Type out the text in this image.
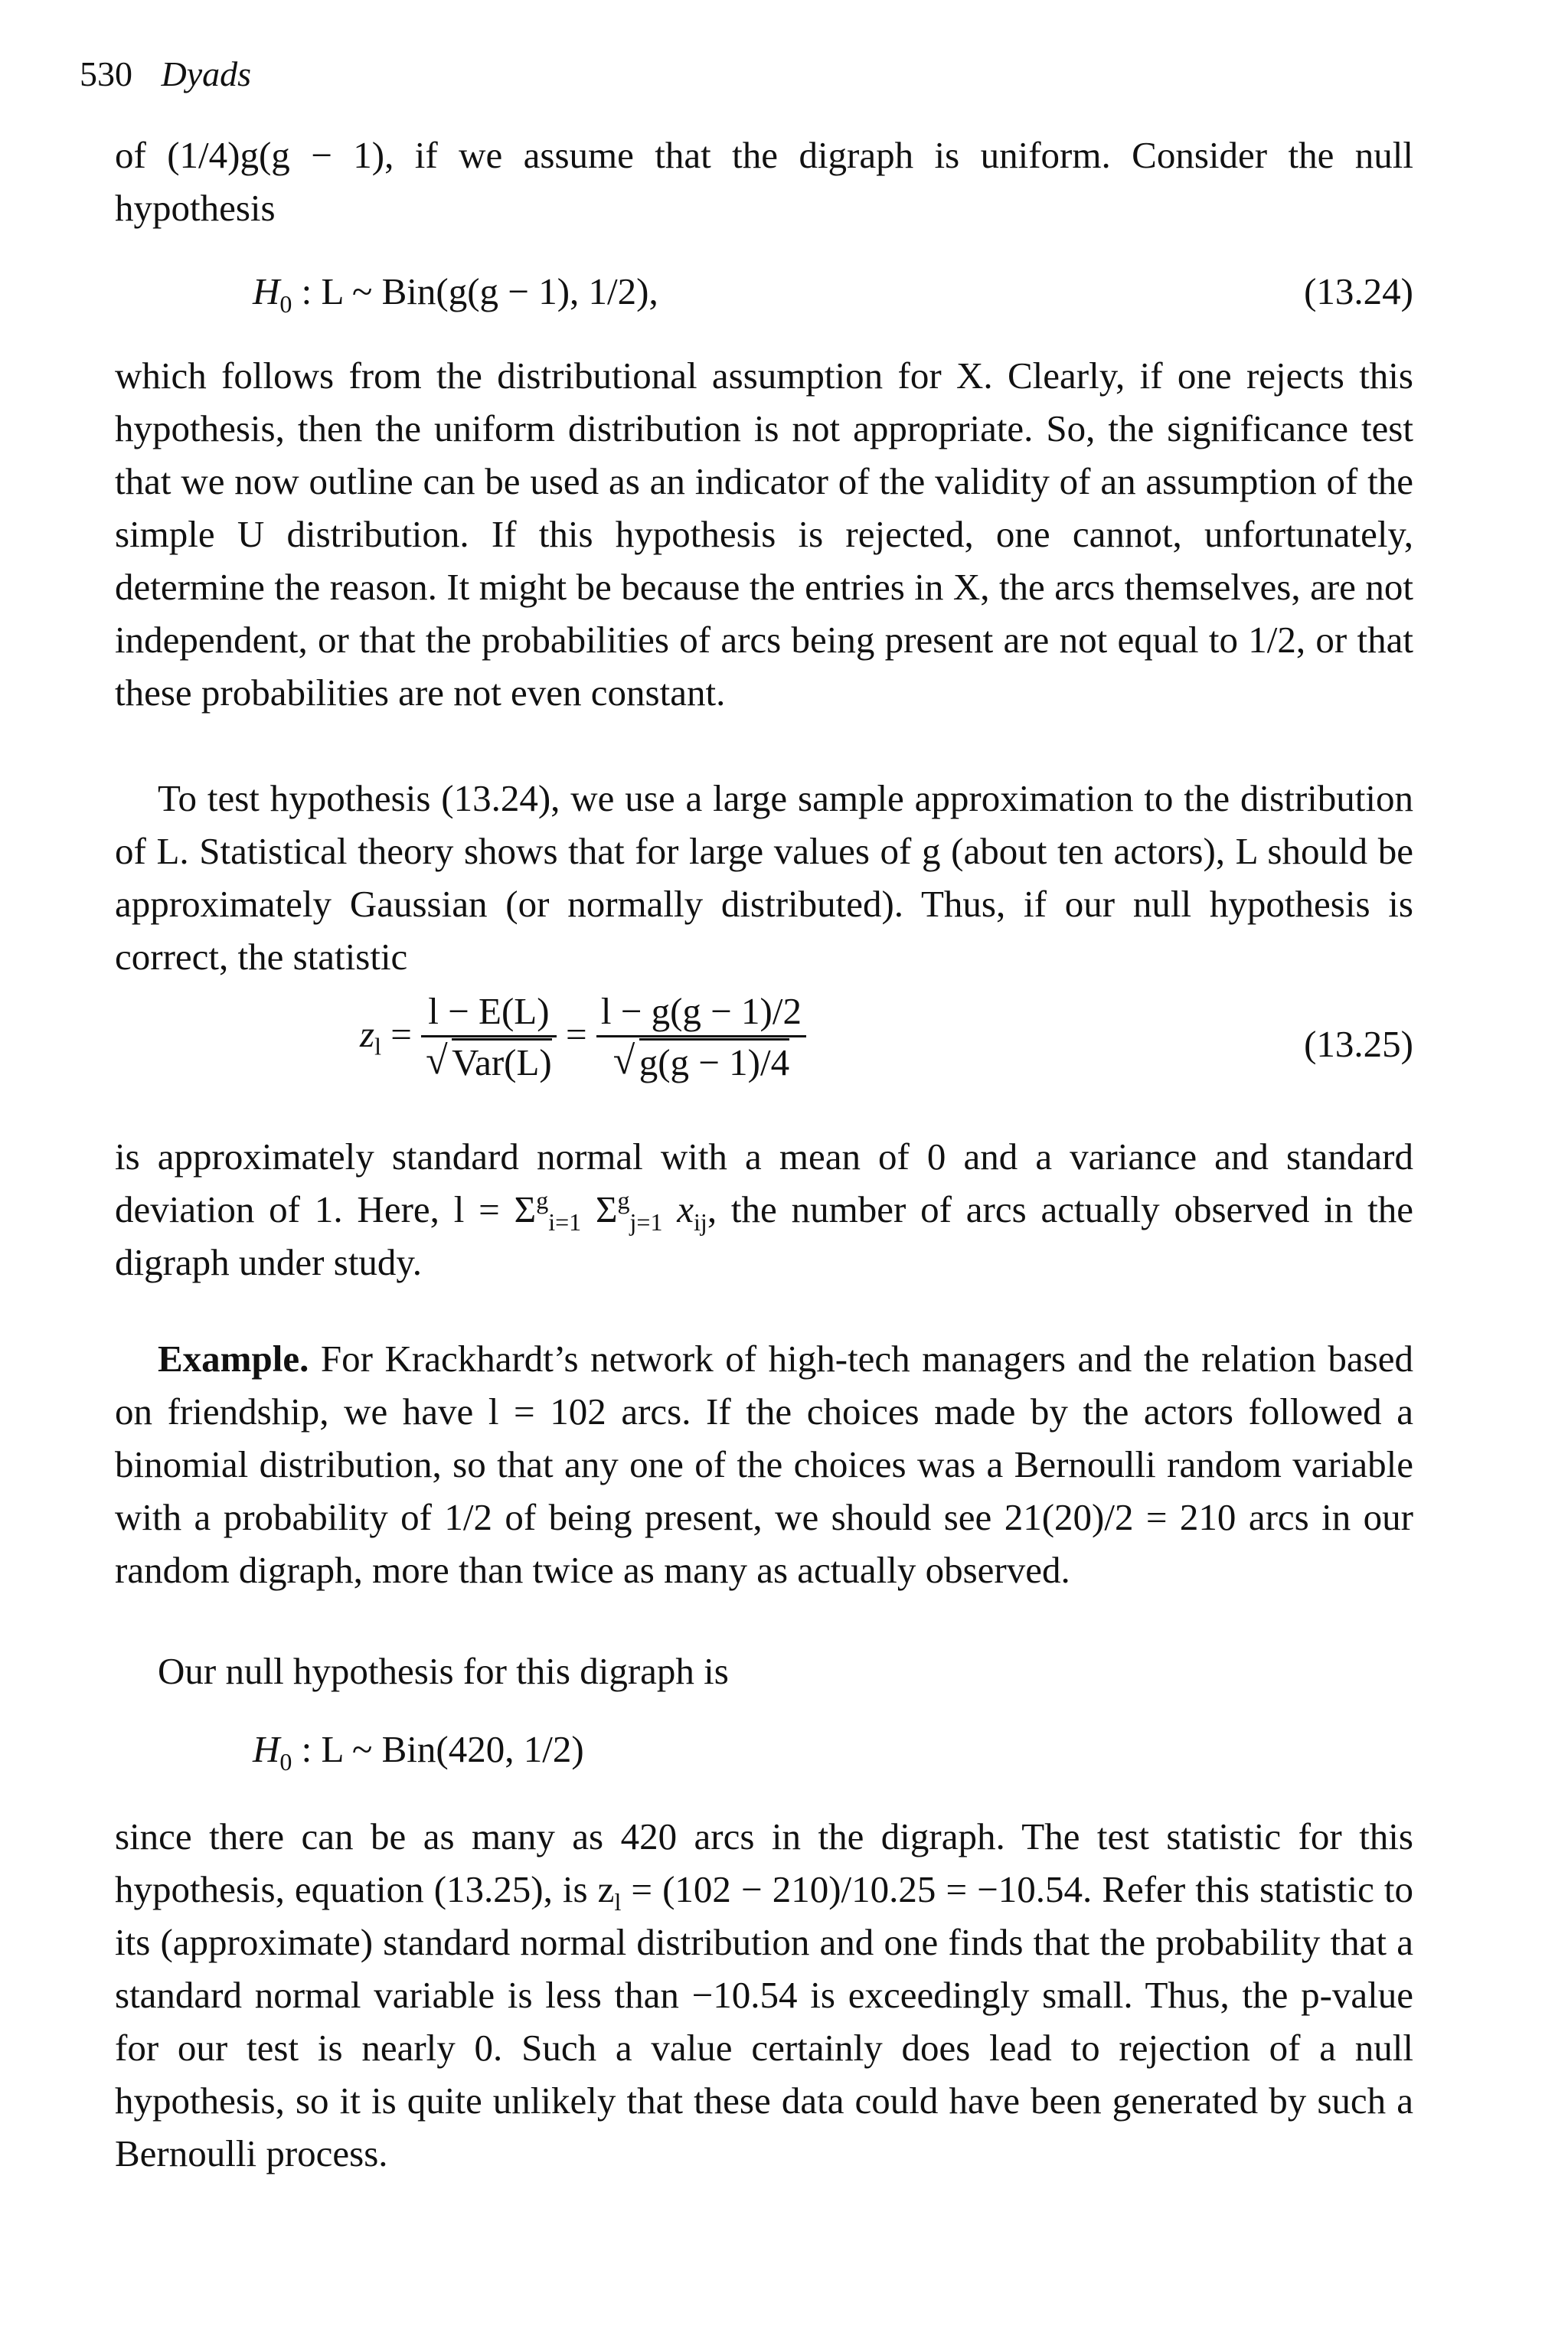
530 Dyads
of (1/4)g(g − 1), if we assume that the digraph is uniform. Consider the null hypothesis
$H_0$ : L ~ Bin(g(g − 1), 1/2),	(13.24)
which follows from the distributional assumption for X. Clearly, if one rejects this hypothesis, then the uniform distribution is not appropriate. So, the significance test that we now outline can be used as an indicator of the validity of an assumption of the simple U distribution. If this hypothesis is rejected, one cannot, unfortunately, determine the reason. It might be because the entries in X, the arcs themselves, are not independent, or that the probabilities of arcs being present are not equal to 1/2, or that these probabilities are not even constant.
To test hypothesis (13.24), we use a large sample approximation to the distribution of L. Statistical theory shows that for large values of g (about ten actors), L should be approximately Gaussian (or normally distributed). Thus, if our null hypothesis is correct, the statistic
$z_l = l - E(L)$
√ Var(L) = l − g(g − 1)/2
√ g(g − 1)/4	(13.25)
is approximately standard normal with a mean of 0 and a variance and standard deviation of 1. Here, $l = \Sigma^g_{i=1}$ $\Sigma^g_{j=1}$ $x_{ij}$, the number of arcs actually observed in the digraph under study.
Example. For Krackhardt’s network of high-tech managers and the relation based on friendship, we have l = 102 arcs. If the choices made by the actors followed a binomial distribution, so that any one of the choices was a Bernoulli random variable with a probability of 1/2 of being present, we should see 21(20)/2 = 210 arcs in our random digraph, more than twice as many as actually observed.
Our null hypothesis for this digraph is
$H_0$ : L ~ Bin(420, 1/2)
since there can be as many as 420 arcs in the digraph. The test statistic for this hypothesis, equation (13.25), is $z_l = (102 - 210)/10.25 = -10.54$. Refer this statistic to its (approximate) standard normal distribution and one finds that the probability that a standard normal variable is less than −10.54 is exceedingly small. Thus, the p-value for our test is nearly 0. Such a value certainly does lead to rejection of a null hypothesis, so it is quite unlikely that these data could have been generated by such a Bernoulli process.
